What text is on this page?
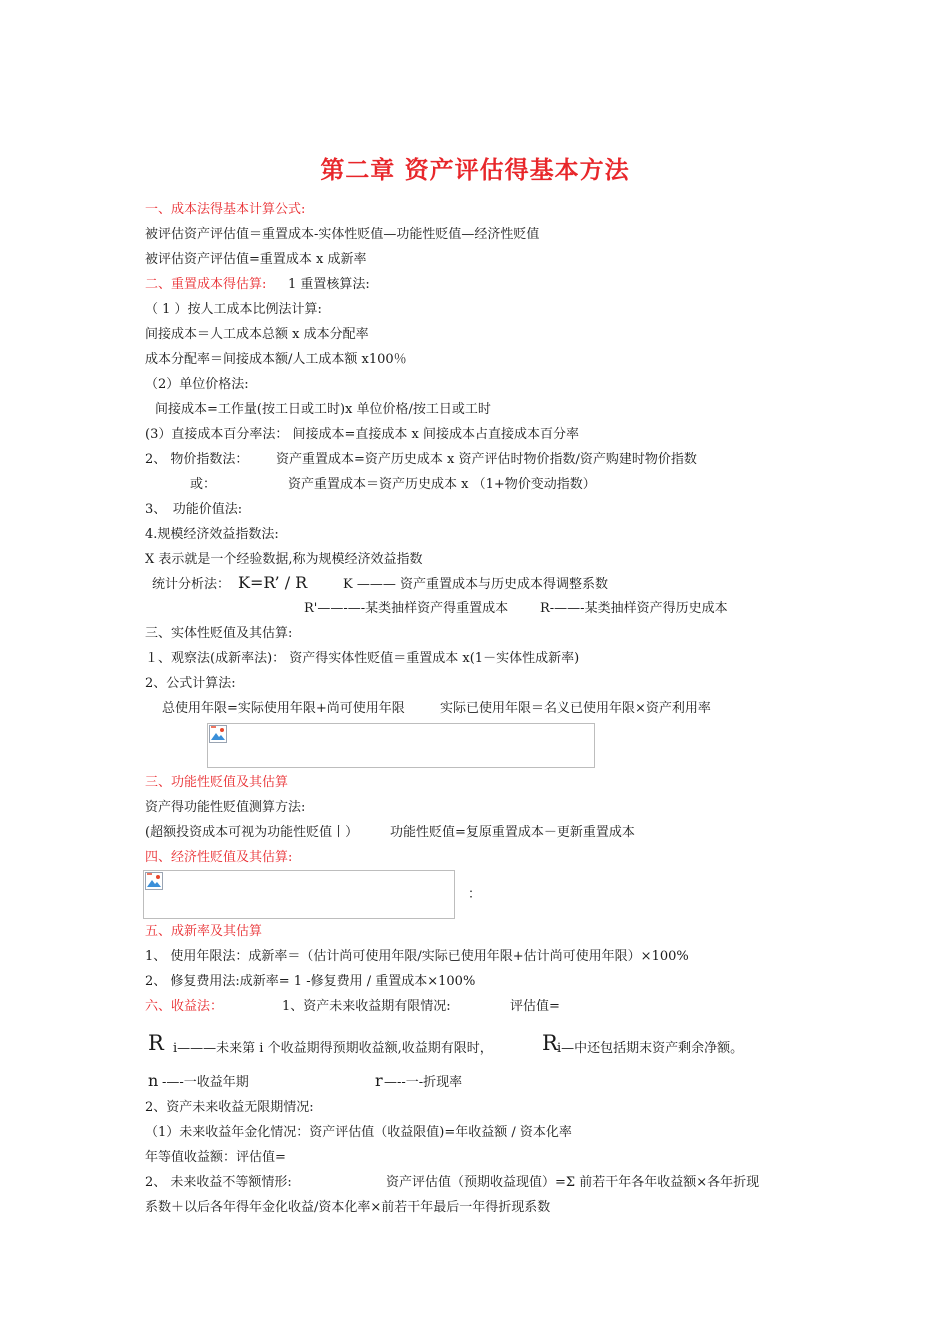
第二章 资产评估得基本方法
一、成本法得基本计算公式:
被评估资产评估值＝重置成本-实体性贬值—功能性贬值—经济性贬值
被评估资产评估值=重置成本 x 成新率
二、重置成本得估算: 1 重置核算法:
（ 1 ）按人工成本比例法计算:
间接成本＝人工成本总额 x 成本分配率
成本分配率＝间接成本额/人工成本额 x100％
（2）单位价格法:
间接成本=工作量(按工日或工时)x 单位价格/按工日或工时
(3）直接成本百分率法： 间接成本=直接成本 x 间接成本占直接成本百分率
2、 物价指数法： 资产重置成本=资产历史成本 x 资产评估时物价指数/资产购建时物价指数
或：	资产重置成本＝资产历史成本 x （1+物价变动指数）
3、　功能价值法:
4.规模经济效益指数法:
X 表示就是一个经验数据,称为规模经济效益指数
统计分析法： K=R’ / R	K ——— 资产重置成本与历史成本得调整系数
R'——-—-某类抽样资产得重置成本 R-——-某类抽样资产得历史成本
三、实体性贬值及其估算:
１、观察法(成新率法)： 资产得实体性贬值＝重置成本 x(1－实体性成新率)
2、公式计算法:
总使用年限=实际使用年限+尚可使用年限	实际已使用年限＝名义已使用年限×资产利用率
三、功能性贬值及其估算
资产得功能性贬值测算方法:
(超额投资成本可视为功能性贬值丨） 功能性贬值=复原重置成本－更新重置成本
四、经济性贬值及其估算:
：
五、成新率及其估算
1、 使用年限法：成新率＝（估计尚可使用年限/实际已使用年限+估计尚可使用年限）×100%
2、 修复费用法:成新率= 1 -修复费用 / 重置成本×100%
六、收益法：	1、资产未来收益期有限情况:	评估值=
R i———未来第 i 个收益期得预期收益额,收益期有限时， R i—中还包括期末资产剩余净额。
n -—-一收益年期	r —--一-折现率
2、资产未来收益无限期情况:
（1）未来收益年金化情况：资产评估值（收益限值)=年收益额 / 资本化率
年等值收益额：评估值=
2、 未来收益不等额情形:	资产评估值（预期收益现值）=Σ 前若干年各年收益额×各年折现
系数＋以后各年得年金化收益/资本化率×前若干年最后一年得折现系数
